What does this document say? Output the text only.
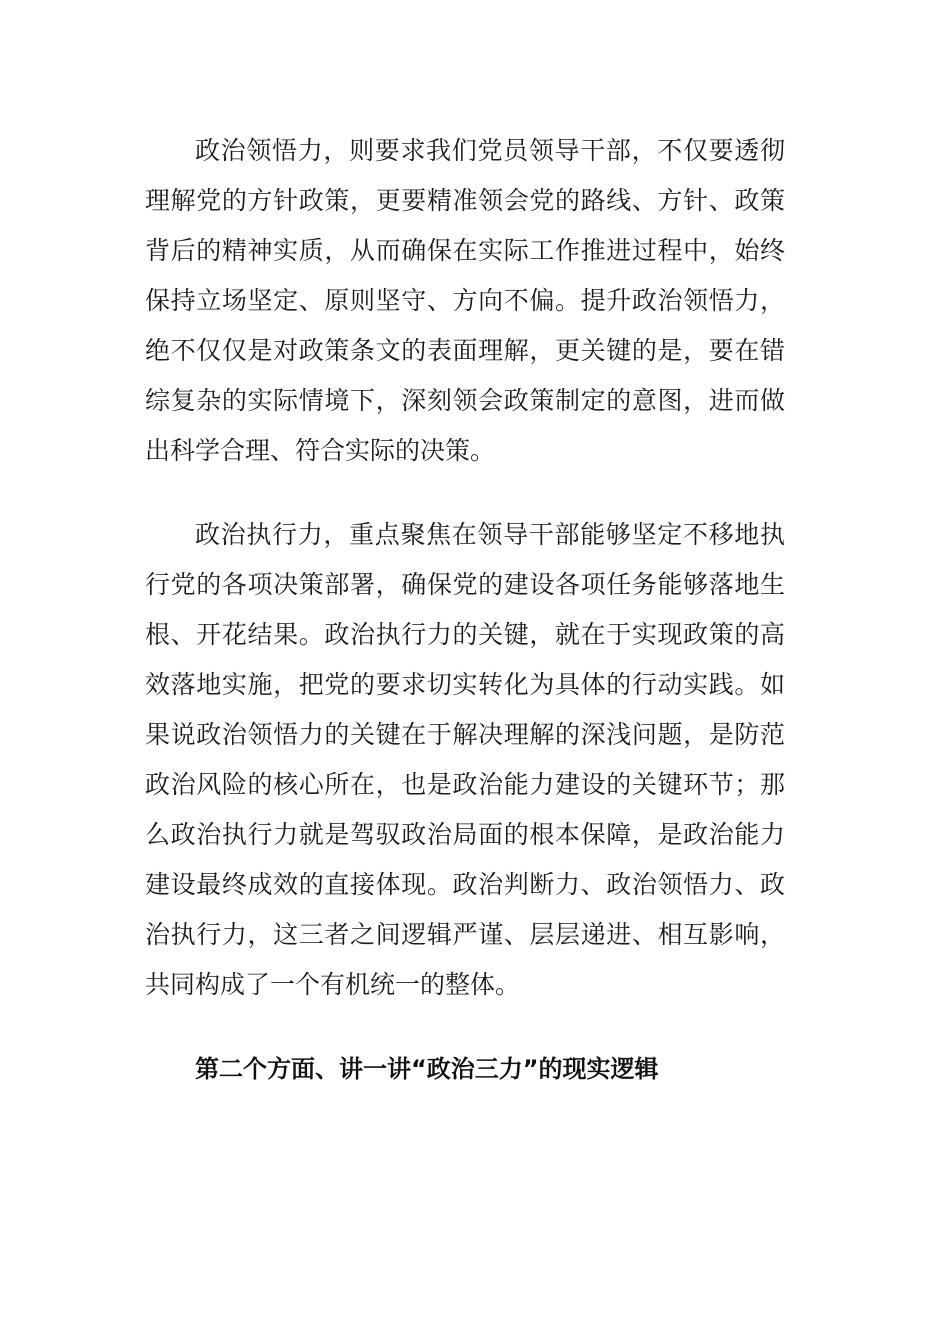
政治领悟力，则要求我们党员领导干部，不仅要透彻
理解党的方针政策，更要精准领会党的路线、方针、政策
背后的精神实质，从而确保在实际工作推进过程中，始终
保持立场坚定、原则坚守、方向不偏。提升政治领悟力，
绝不仅仅是对政策条文的表面理解，更关键的是，要在错
综复杂的实际情境下，深刻领会政策制定的意图，进而做
出科学合理、符合实际的决策。
政治执行力，重点聚焦在领导干部能够坚定不移地执
行党的各项决策部署，确保党的建设各项任务能够落地生
根、开花结果。政治执行力的关键，就在于实现政策的高
效落地实施，把党的要求切实转化为具体的行动实践。如
果说政治领悟力的关键在于解决理解的深浅问题，是防范
政治风险的核心所在，也是政治能力建设的关键环节；那
么政治执行力就是驾驭政治局面的根本保障，是政治能力
建设最终成效的直接体现。政治判断力、政治领悟力、政
治执行力，这三者之间逻辑严谨、层层递进、相互影响，
共同构成了一个有机统一的整体。
第二个方面、讲一讲“政治三力”的现实逻辑
